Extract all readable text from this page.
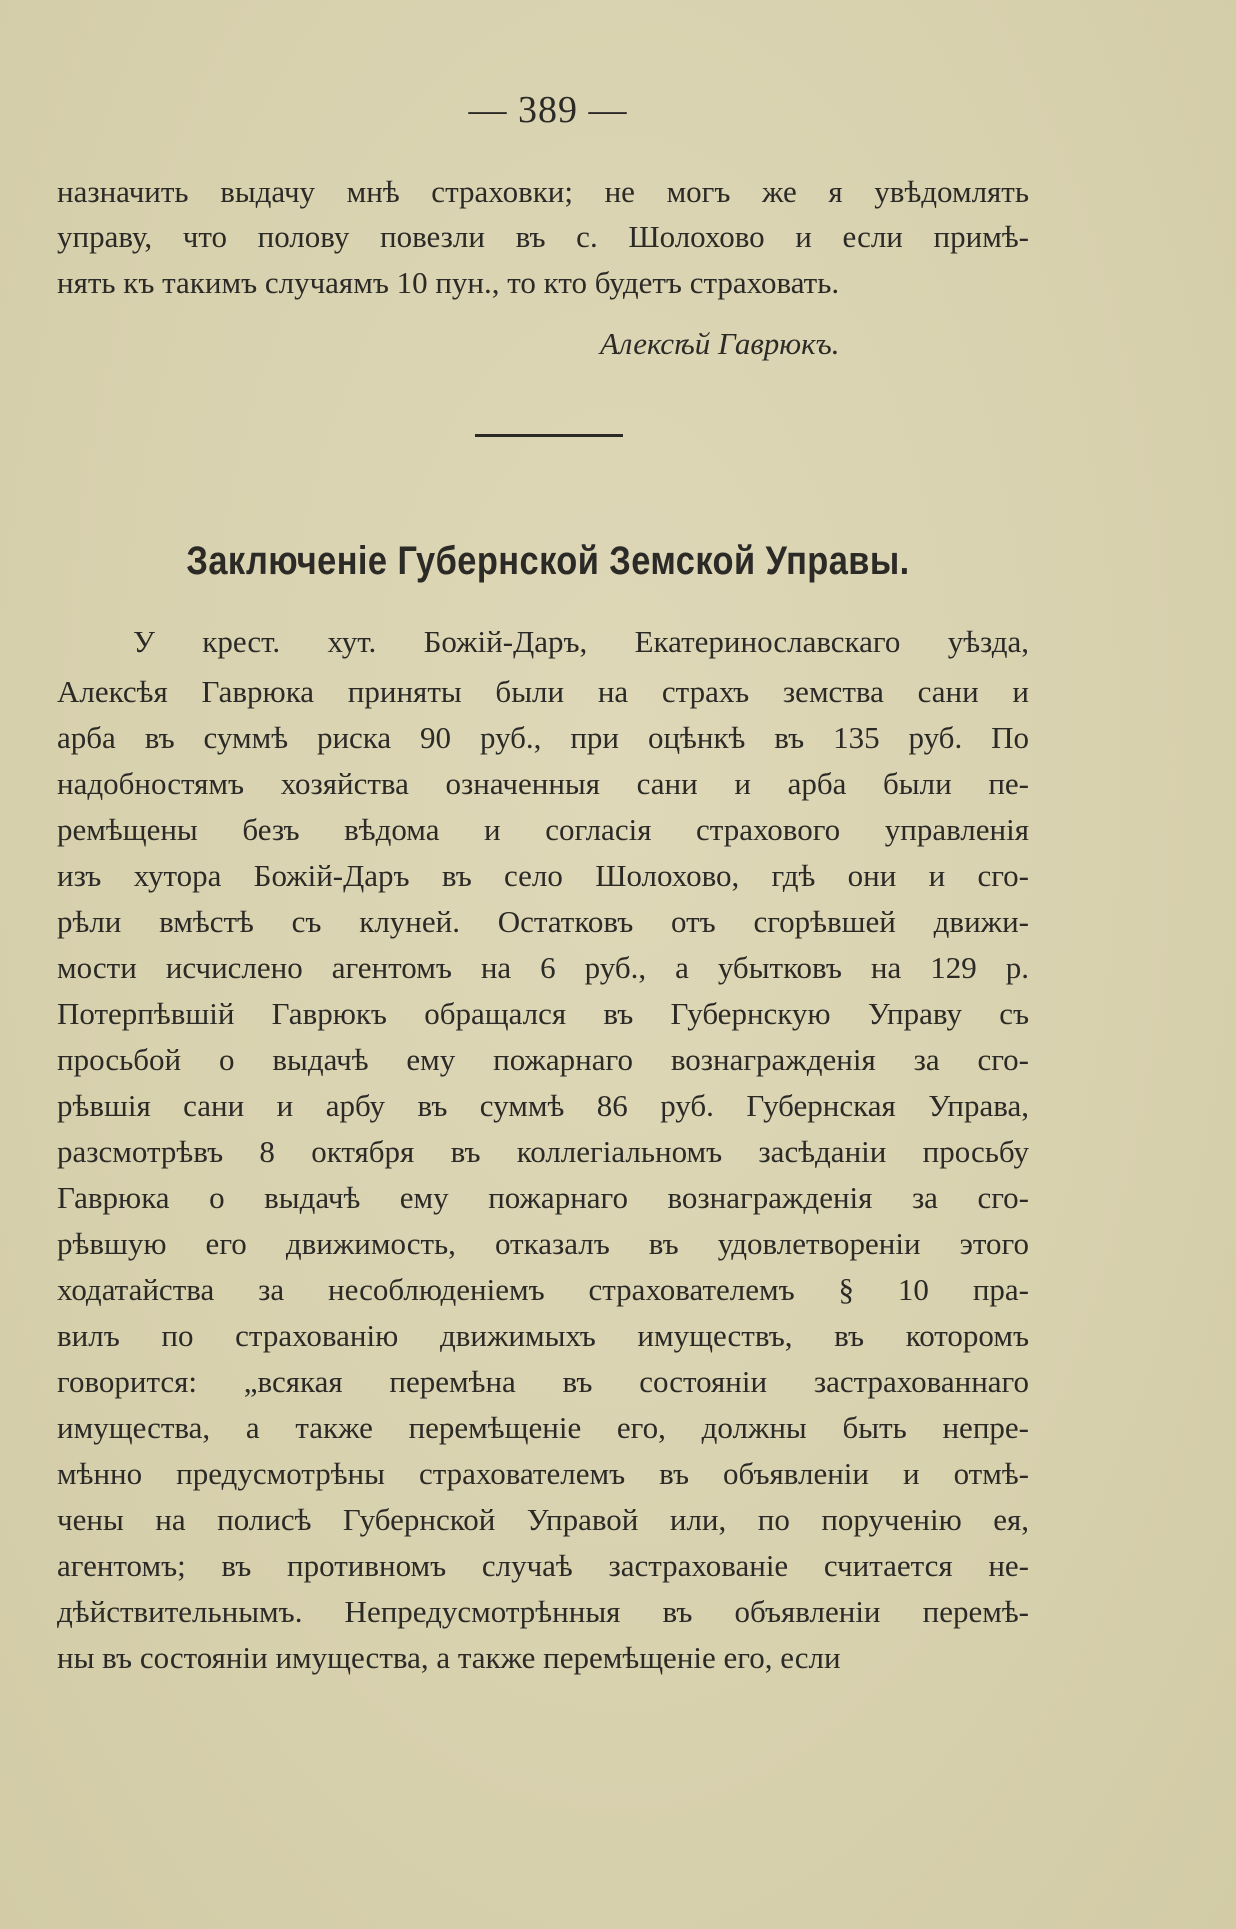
— 389 —
назначить выдачу мнѣ страховки; не могъ же я увѣдомлять
управу, что полову повезли въ с. Шолохово и если примѣ-
нять къ такимъ случаямъ 10 пун., то кто будетъ страховать.
Алексѣй Гаврюкъ.
Заключенiе Губернской Земской Управы.
У крест. хут. Божiй-Даръ, Екатеринославскаго уѣзда,
Алексѣя Гаврюка приняты были на страхъ земства сани и
арба въ суммѣ риска 90 руб., при оцѣнкѣ въ 135 руб. По
надобностямъ хозяйства означенныя сани и арба были пе-
ремѣщены безъ вѣдома и согласiя страхового управленiя
изъ хутора Божiй-Даръ въ село Шолохово, гдѣ они и сго-
рѣли вмѣстѣ съ клуней. Остатковъ отъ сгорѣвшей движи-
мости исчислено агентомъ на 6 руб., а убытковъ на 129 р.
Потерпѣвшiй Гаврюкъ обращался въ Губернскую Управу съ
просьбой о выдачѣ ему пожарнаго вознагражденiя за сго-
рѣвшiя сани и арбу въ суммѣ 86 руб. Губернская Управа,
разсмотрѣвъ 8 октября въ коллегiальномъ засѣданiи просьбу
Гаврюка о выдачѣ ему пожарнаго вознагражденiя за сго-
рѣвшую его движимость, отказалъ въ удовлетворенiи этого
ходатайства за несоблюденiемъ страхователемъ § 10 пра-
вилъ по страхованiю движимыхъ имуществъ, въ которомъ
говорится: „всякая перемѣна въ состоянiи застрахованнаго
имущества, а также перемѣщенiе его, должны быть непре-
мѣнно предусмотрѣны страхователемъ въ объявленiи и отмѣ-
чены на полисѣ Губернской Управой или, по порученiю ея,
агентомъ; въ противномъ случаѣ застрахованiе считается не-
дѣйствительнымъ. Непредусмотрѣнныя въ объявленiи перемѣ-
ны въ состоянiи имущества, а также перемѣщенiе его, если
